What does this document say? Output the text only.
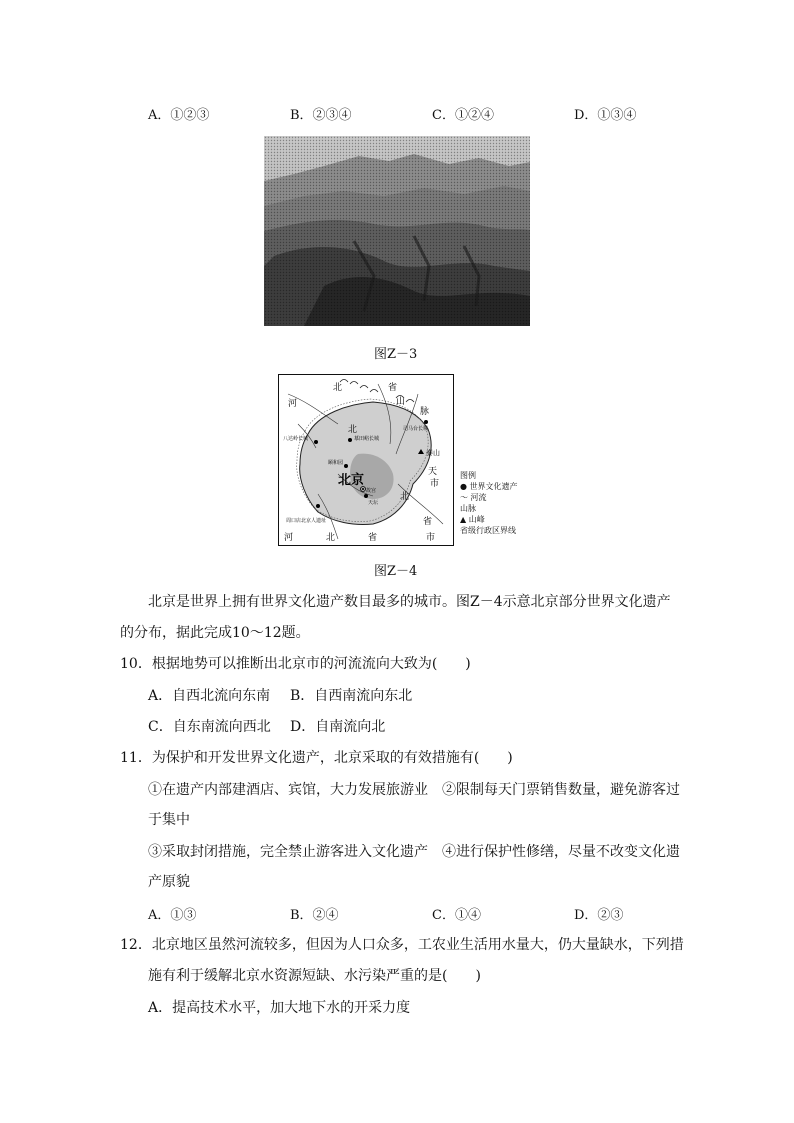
A．①②③	B．②③④	C．①②④	D．①③④
图Z－3
北	省
山
脉
河
北
八达岭长城	慕田峪长城
司马台长城
泰山
颐和园
北京
故宫
天坛
周口店北京人遗址
天
市
北
省
河	北	省	市
图例
● 世界文化遗产
〜 河流
山脉
▲ 山峰
省级行政区界线
图Z－4
北京是世界上拥有世界文化遗产数目最多的城市。图Z－4示意北京部分世界文化遗产
的分布，据此完成10～12题。
10．根据地势可以推断出北京市的河流流向大致为(　　)
A．自西北流向东南 B．自西南流向东北
C．自东南流向西北 D．自南流向北
11．为保护和开发世界文化遗产，北京采取的有效措施有(　　)
①在遗产内部建酒店、宾馆，大力发展旅游业　②限制每天门票销售数量，避免游客过
于集中
③采取封闭措施，完全禁止游客进入文化遗产　④进行保护性修缮，尽量不改变文化遗
产原貌
A．①③	B．②④	C．①④	D．②③
12．北京地区虽然河流较多，但因为人口众多，工农业生活用水量大，仍大量缺水，下列措
施有利于缓解北京水资源短缺、水污染严重的是(　　)
A．提高技术水平，加大地下水的开采力度
